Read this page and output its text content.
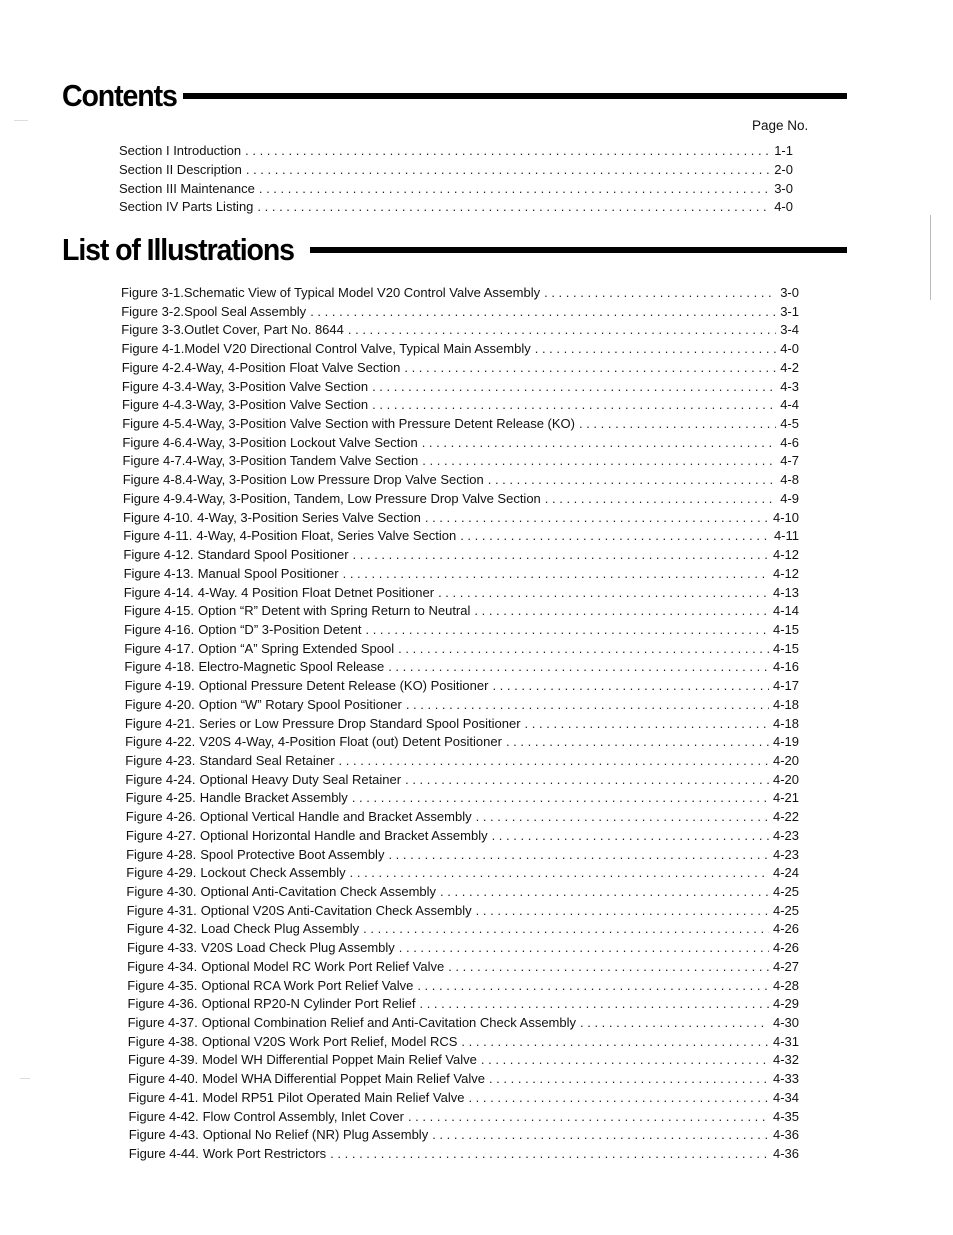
Contents
Page No.
Section I Introduction . . .	1-1
Section II Description . . .	2-0
Section III Maintenance . . .	3-0
Section IV Parts Listing . . .	4-0
List of Illustrations
Figure 3-1. Schematic View of Typical Model V20 Control Valve Assembly . . .	3-0
Figure 3-2. Spool Seal Assembly . . .	3-1
Figure 3-3. Outlet Cover, Part No. 8644 . . .	3-4
Figure 4-1. Model V20 Directional Control Valve, Typical Main Assembly . . .	4-0
Figure 4-2. 4-Way, 4-Position Float Valve Section . . .	4-2
Figure 4-3. 4-Way, 3-Position Valve Section . . .	4-3
Figure 4-4. 3-Way, 3-Position Valve Section . . .	4-4
Figure 4-5. 4-Way, 3-Position Valve Section with Pressure Detent Release (KO) . . .	4-5
Figure 4-6. 4-Way, 3-Position Lockout Valve Section . . .	4-6
Figure 4-7. 4-Way, 3-Position Tandem Valve Section . . .	4-7
Figure 4-8. 4-Way, 3-Position Low Pressure Drop Valve Section . . .	4-8
Figure 4-9. 4-Way, 3-Position, Tandem, Low Pressure Drop Valve Section . . .	4-9
Figure 4-10. 4-Way, 3-Position Series Valve Section . . .	4-10
Figure 4-11. 4-Way, 4-Position Float, Series Valve Section . . .	4-11
Figure 4-12. Standard Spool Positioner . . .	4-12
Figure 4-13. Manual Spool Positioner . . .	4-12
Figure 4-14. 4-Way. 4 Position Float Detnet Positioner . . .	4-13
Figure 4-15. Option “R” Detent with Spring Return to Neutral . . .	4-14
Figure 4-16. Option “D” 3-Position Detent . . .	4-15
Figure 4-17. Option “A” Spring Extended Spool . . .	4-15
Figure 4-18. Electro-Magnetic Spool Release . . .	4-16
Figure 4-19. Optional Pressure Detent Release (KO) Positioner . . .	4-17
Figure 4-20. Option “W” Rotary Spool Positioner . . .	4-18
Figure 4-21. Series or Low Pressure Drop Standard Spool Positioner . . .	4-18
Figure 4-22. V20S 4-Way, 4-Position Float (out) Detent Positioner . . .	4-19
Figure 4-23. Standard Seal Retainer . . .	4-20
Figure 4-24. Optional Heavy Duty Seal Retainer . . .	4-20
Figure 4-25. Handle Bracket Assembly . . .	4-21
Figure 4-26. Optional Vertical Handle and Bracket Assembly . . .	4-22
Figure 4-27. Optional Horizontal Handle and Bracket Assembly . . .	4-23
Figure 4-28. Spool Protective Boot Assembly . . .	4-23
Figure 4-29. Lockout Check Assembly . . .	4-24
Figure 4-30. Optional Anti-Cavitation Check Assembly . . .	4-25
Figure 4-31. Optional V20S Anti-Cavitation Check Assembly . . .	4-25
Figure 4-32. Load Check Plug Assembly . . .	4-26
Figure 4-33. V20S Load Check Plug Assembly . . .	4-26
Figure 4-34. Optional Model RC Work Port Relief Valve . . .	4-27
Figure 4-35. Optional RCA Work Port Relief Valve . . .	4-28
Figure 4-36. Optional RP20-N Cylinder Port Relief . . .	4-29
Figure 4-37. Optional Combination Relief and Anti-Cavitation Check Assembly . . .	4-30
Figure 4-38. Optional V20S Work Port Relief, Model RCS . . .	4-31
Figure 4-39. Model WH Differential Poppet Main Relief Valve . . .	4-32
Figure 4-40. Model WHA Differential Poppet Main Relief Valve . . .	4-33
Figure 4-41. Model RP51 Pilot Operated Main Relief Valve . . .	4-34
Figure 4-42. Flow Control Assembly, Inlet Cover . . .	4-35
Figure 4-43. Optional No Relief (NR) Plug Assembly . . .	4-36
Figure 4-44. Work Port Restrictors . . .	4-36
